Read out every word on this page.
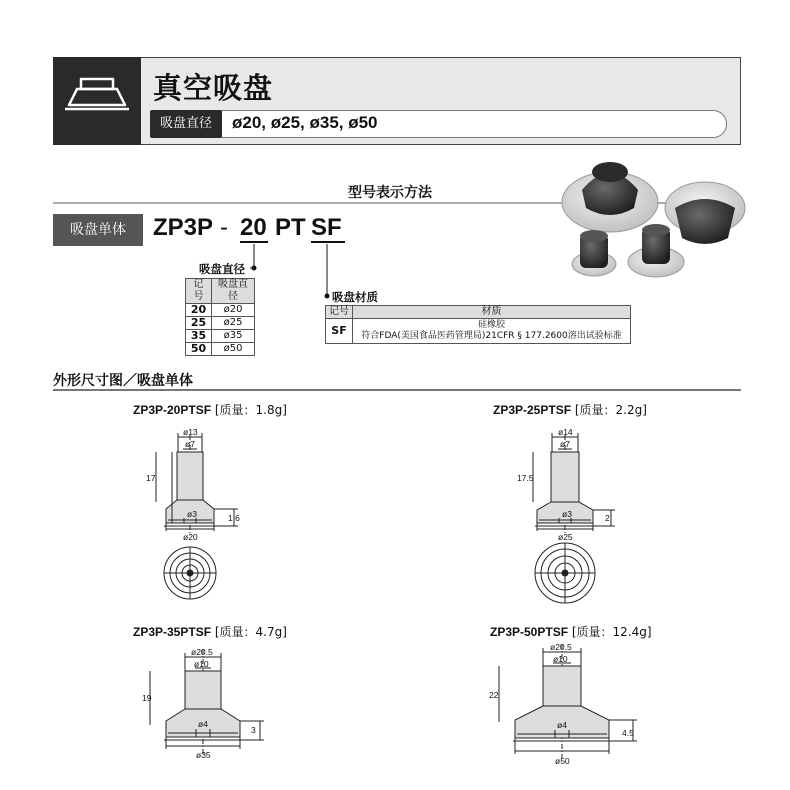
真空吸盘
吸盘直径	ø20, ø25, ø35, ø50
型号表示方法
吸盘单体	ZP3P - 20 PT SF
吸盘直径
记号	吸盘直径
20	ø20
25	ø25
35	ø35
50	ø50
吸盘材质
记号	材质
SF	硅橡胶
符合FDA(美国食品医药管理局)21CFR § 177.2600溶出试验标准
外形尺寸图／吸盘单体
ZP3P-20PTSF [质量：1.8g]
ø13
ø7
17
1.6
ø3
ø20
ZP3P-25PTSF [质量：2.2g]
ø14
ø7
17.5
2
ø3
ø25
ZP3P-35PTSF [质量：4.7g]
ø20.5
ø10
19
3
ø4
ø35
ZP3P-50PTSF [质量：12.4g]
ø20.5
ø10
22
4.5
ø4
ø50
